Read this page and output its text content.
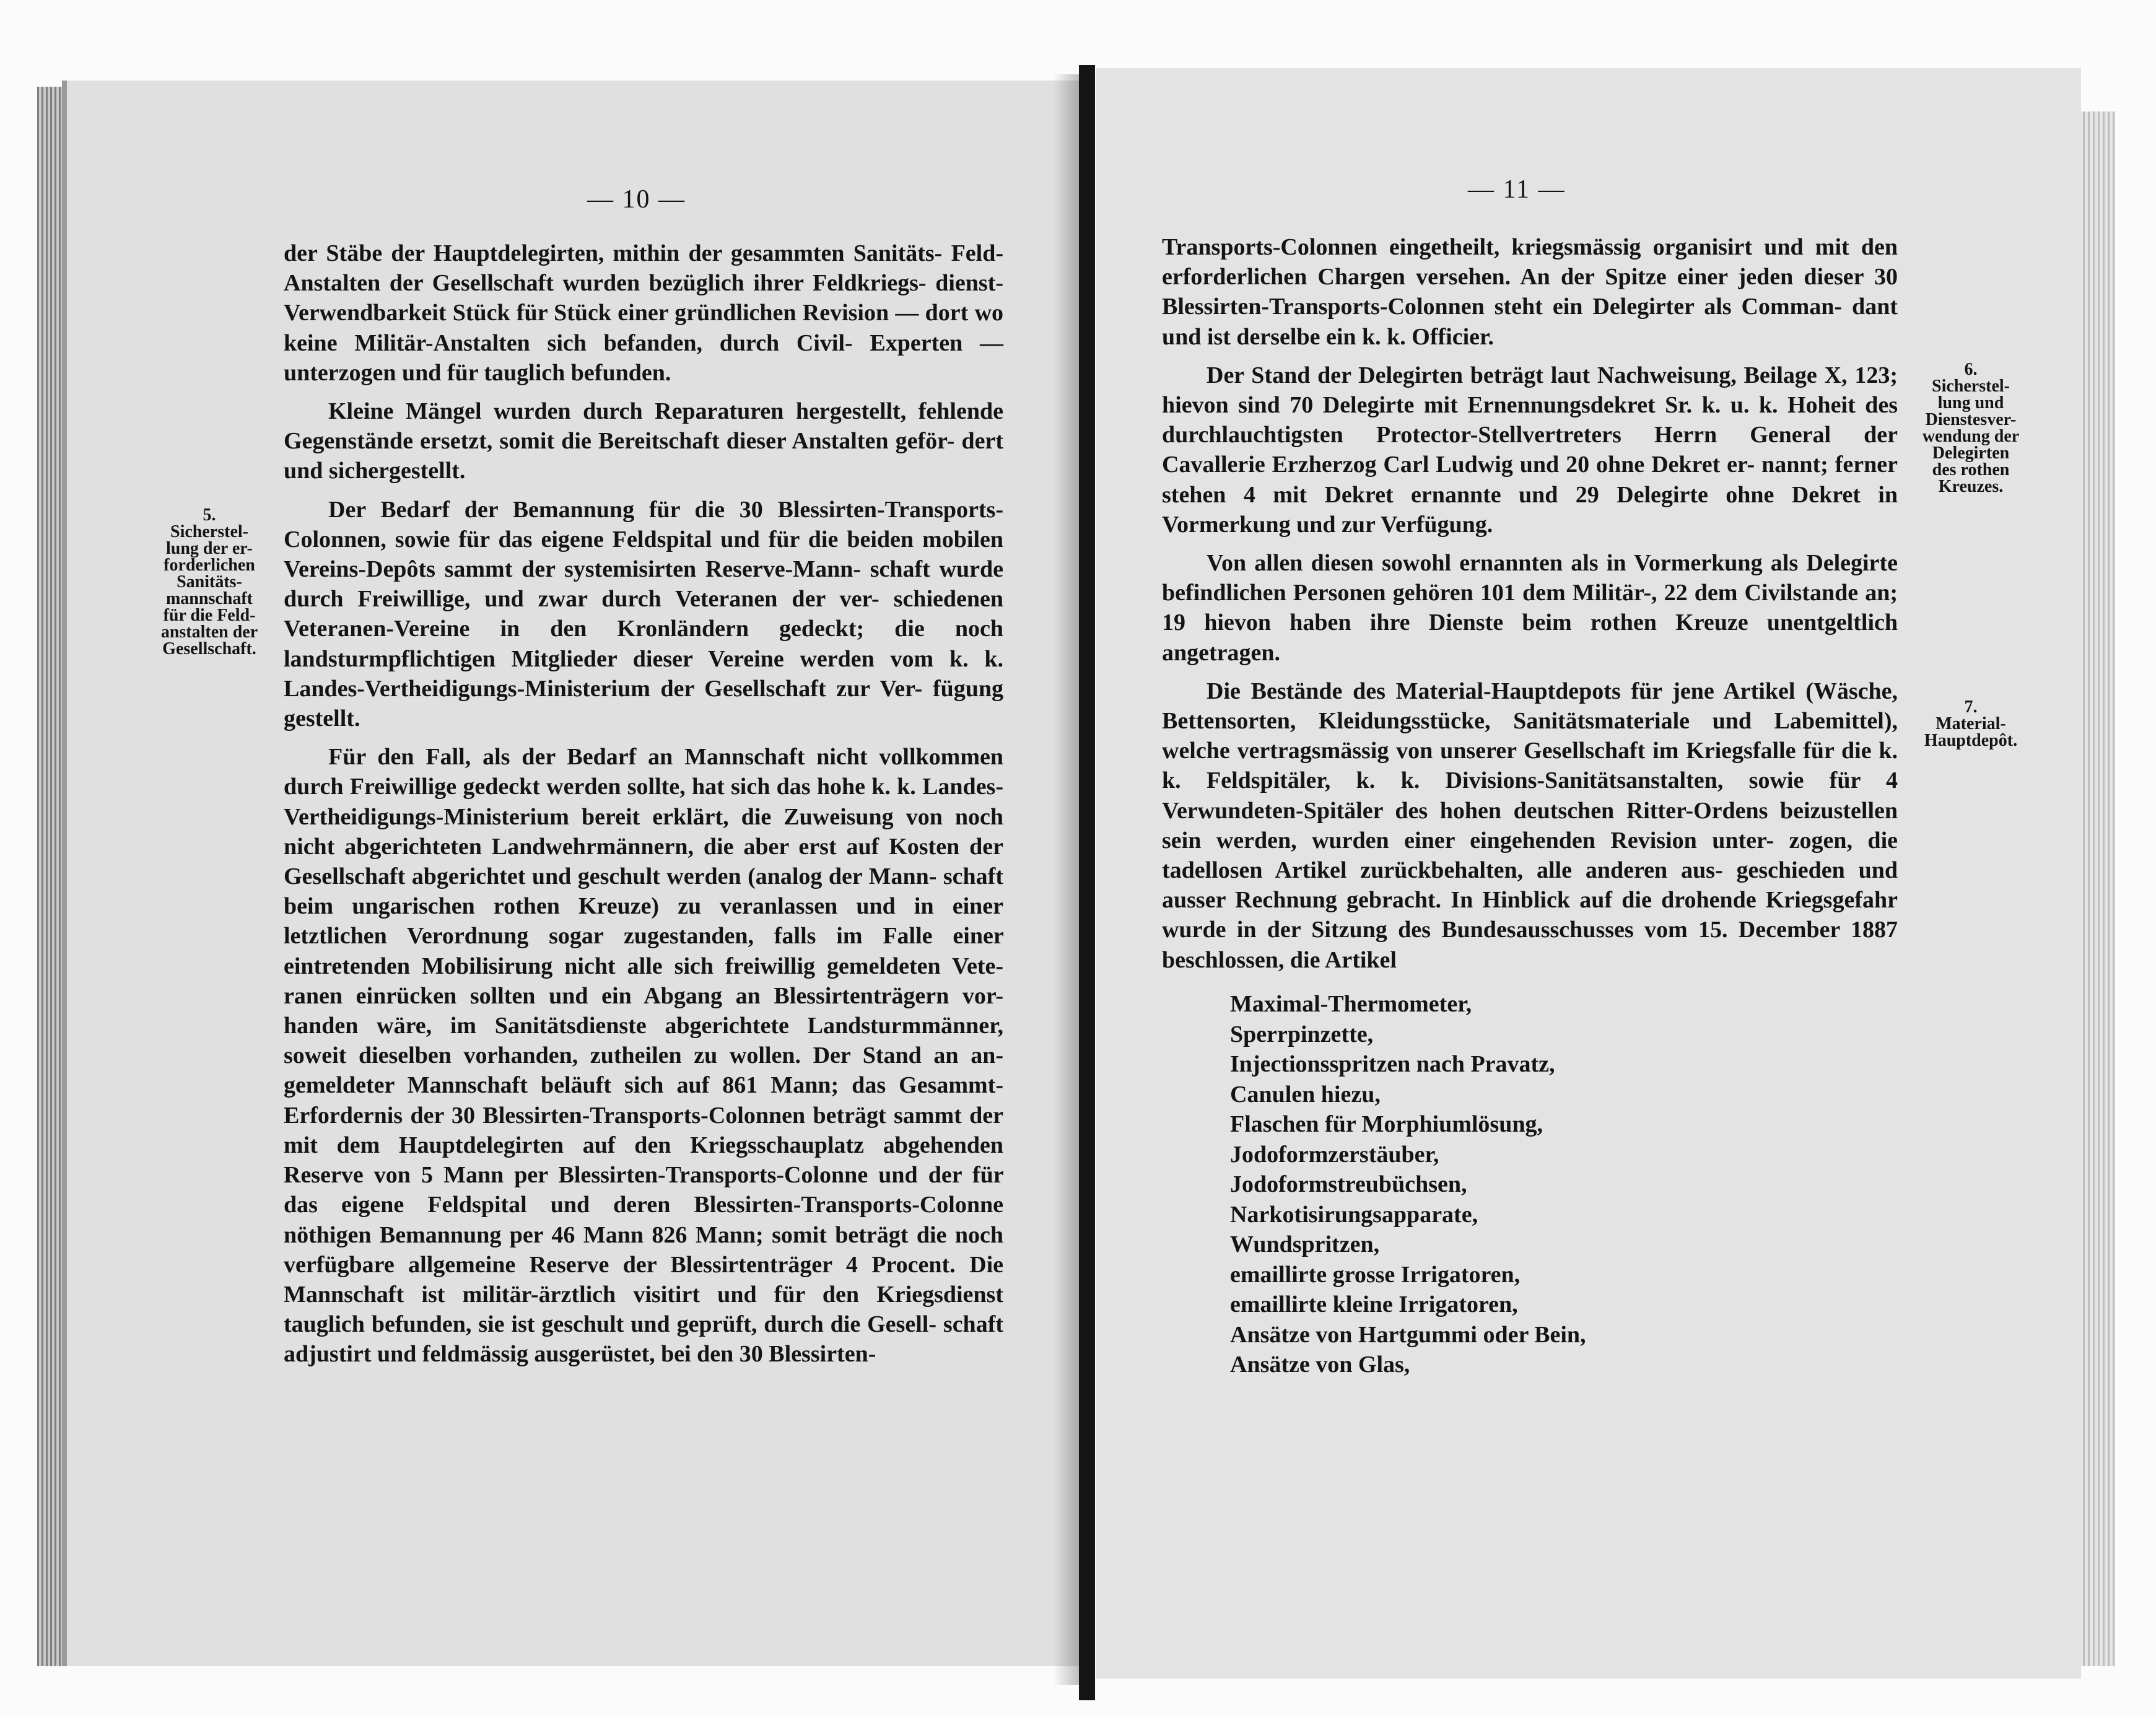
— 10 —

der Stäbe der Hauptdelegirten, mithin der gesammten Sanitäts- Feld-Anstalten der Gesellschaft wurden bezüglich ihrer Feldkriegs- dienst-Verwendbarkeit Stück für Stück einer gründlichen Revision — dort wo keine Militär-Anstalten sich befanden, durch Civil- Experten — unterzogen und für tauglich befunden.

Kleine Mängel wurden durch Reparaturen hergestellt, fehlende Gegenstände ersetzt, somit die Bereitschaft dieser Anstalten geför- dert und sichergestellt.

Der Bedarf der Bemannung für die 30 Blessirten-Transports- Colonnen, sowie für das eigene Feldspital und für die beiden mobilen Vereins-Depôts sammt der systemisirten Reserve-Mann- schaft wurde durch Freiwillige, und zwar durch Veteranen der ver- schiedenen Veteranen-Vereine in den Kronländern gedeckt; die noch landsturmpflichtigen Mitglieder dieser Vereine werden vom k. k. Landes-Vertheidigungs-Ministerium der Gesellschaft zur Ver- fügung gestellt.

Für den Fall, als der Bedarf an Mannschaft nicht vollkommen durch Freiwillige gedeckt werden sollte, hat sich das hohe k. k. Landes- Vertheidigungs-Ministerium bereit erklärt, die Zuweisung von noch nicht abgerichteten Landwehrmännern, die aber erst auf Kosten der Gesellschaft abgerichtet und geschult werden (analog der Mann- schaft beim ungarischen rothen Kreuze) zu veranlassen und in einer letztlichen Verordnung sogar zugestanden, falls im Falle einer eintretenden Mobilisirung nicht alle sich freiwillig gemeldeten Vete- ranen einrücken sollten und ein Abgang an Blessirtenträgern vor- handen wäre, im Sanitätsdienste abgerichtete Landsturmmänner, soweit dieselben vorhanden, zutheilen zu wollen. Der Stand an an- gemeldeter Mannschaft beläuft sich auf 861 Mann; das Gesammt- Erfordernis der 30 Blessirten-Transports-Colonnen beträgt sammt der mit dem Hauptdelegirten auf den Kriegsschauplatz abgehenden Reserve von 5 Mann per Blessirten-Transports-Colonne und der für das eigene Feldspital und deren Blessirten-Transports-Colonne nöthigen Bemannung per 46 Mann 826 Mann; somit beträgt die noch verfügbare allgemeine Reserve der Blessirtenträger 4 Procent. Die Mannschaft ist militär-ärztlich visitirt und für den Kriegsdienst tauglich befunden, sie ist geschult und geprüft, durch die Gesell- schaft adjustirt und feldmässig ausgerüstet, bei den 30 Blessirten-

5.
Sicherstel-
lung der er-
forderlichen
Sanitäts-
mannschaft
für die Feld-
anstalten der
Gesellschaft.
— 11 —

Transports-Colonnen eingetheilt, kriegsmässig organisirt und mit den erforderlichen Chargen versehen. An der Spitze einer jeden dieser 30 Blessirten-Transports-Colonnen steht ein Delegirter als Comman- dant und ist derselbe ein k. k. Officier.

Der Stand der Delegirten beträgt laut Nachweisung, Beilage X, 123; hievon sind 70 Delegirte mit Ernennungsdekret Sr. k. u. k. Hoheit des durchlauchtigsten Protector-Stellvertreters Herrn General der Cavallerie Erzherzog Carl Ludwig und 20 ohne Dekret er- nannt; ferner stehen 4 mit Dekret ernannte und 29 Delegirte ohne Dekret in Vormerkung und zur Verfügung.

Von allen diesen sowohl ernannten als in Vormerkung als Delegirte befindlichen Personen gehören 101 dem Militär-, 22 dem Civilstande an; 19 hievon haben ihre Dienste beim rothen Kreuze unentgeltlich angetragen.

Die Bestände des Material-Hauptdepots für jene Artikel (Wäsche, Bettensorten, Kleidungsstücke, Sanitätsmateriale und Labemittel), welche vertragsmässig von unserer Gesellschaft im Kriegsfalle für die k. k. Feldspitäler, k. k. Divisions-Sanitätsanstalten, sowie für 4 Verwundeten-Spitäler des hohen deutschen Ritter-Ordens beizustellen sein werden, wurden einer eingehenden Revision unter- zogen, die tadellosen Artikel zurückbehalten, alle anderen aus- geschieden und ausser Rechnung gebracht. In Hinblick auf die drohende Kriegsgefahr wurde in der Sitzung des Bundesausschusses vom 15. December 1887 beschlossen, die Artikel

Maximal-Thermometer,
Sperrpinzette,
Injectionsspritzen nach Pravatz,
Canulen hiezu,
Flaschen für Morphiumlösung,
Jodoformzerstäuber,
Jodoformstreubüchsen,
Narkotisirungsapparate,
Wundspritzen,
emaillirte grosse Irrigatoren,
emaillirte kleine Irrigatoren,
Ansätze von Hartgummi oder Bein,
Ansätze von Glas,
6.
Sicherstel-
lung und
Dienstesver-
wendung der
Delegirten
des rothen
Kreuzes.
7.
Material-
Hauptdepôt.
